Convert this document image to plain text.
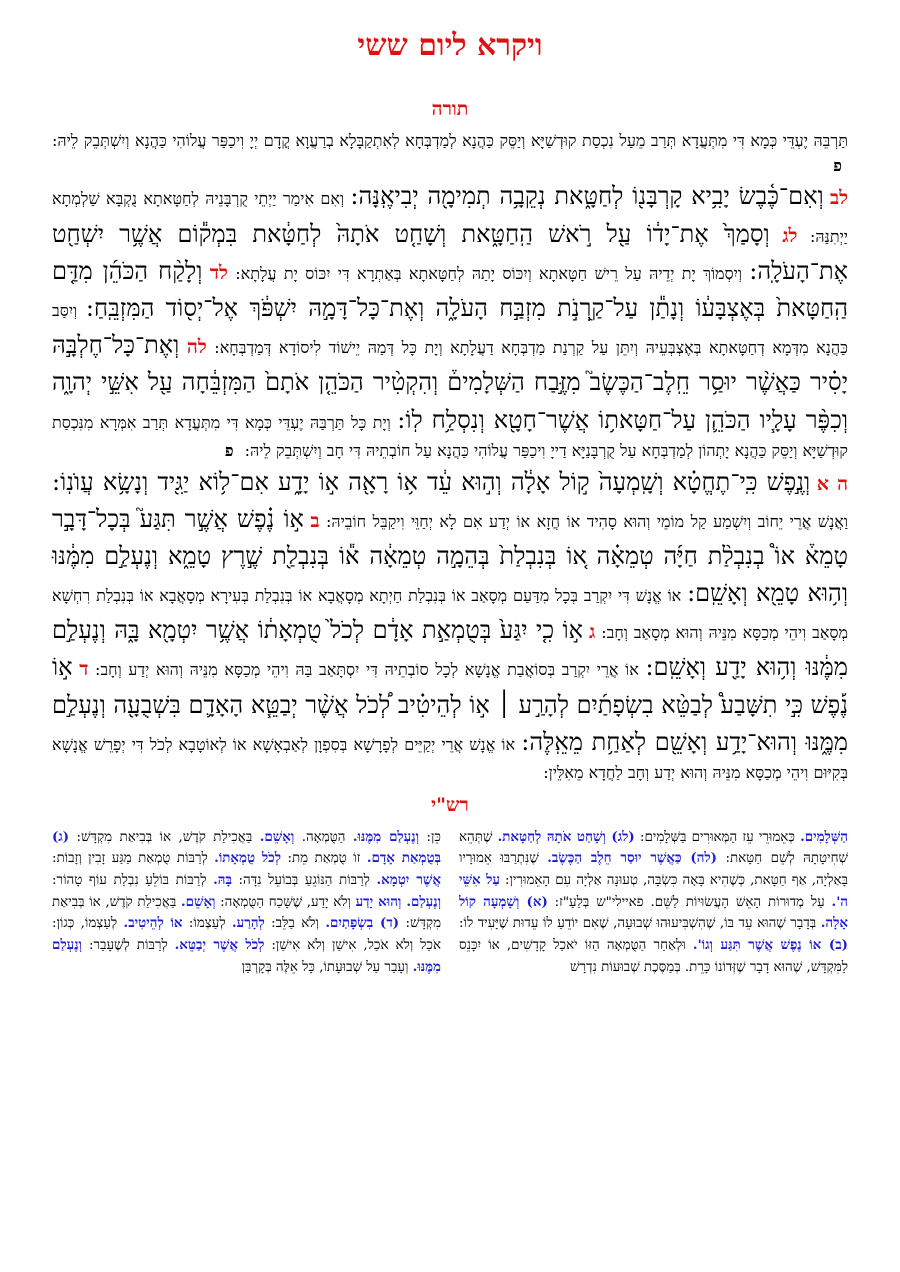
ויקרא ליום ששי
תורה

תַּרְבֵּהּ יֶעְדֵּי כְּמָא דִּי מִתְּעֲדָא תְּרַב מֵעַל נִכְסַת קוּדְשַׁיָּא וְיַסֵּק כַּהֲנָא לְמַדְבְּחָא לְאִתְקַבָּלָא בְרַעֲוָא קֳדָם יְיָ וִיכַפַּר עֲלוֹהִי כַּהֲנָא וְיִשְׁתְּבֵק לֵיהּ: פ

לב וְאִם־כֶּ֫בֶשׂ יָבִ֥יא קָרְבָּנ֖וֹ לְחַטָּ֑את נְקֵבָ֥ה תְמִימָ֖ה יְבִיאֶֽנָּה: וְאִם אִימַר יַיְתֵי קֻרְבָּנֵיהּ לְחַטָּאתָא נֻקְבָּא שַׁלְמְתָא יַיְתִנַּהּ: לג וְסָמַךְ֙ אֶת־יָד֔וֹ עַ֖ל רֹ֣אשׁ הַֽחַטָּ֑את וְשָׁחַ֤ט אֹתָהּ֙ לְחַטָּ֔את בִּמְק֕וֹם אֲשֶׁ֥ר יִשְׁחַ֖ט אֶת־הָעֹלָֽה: וְיִסְמוֹךְ יָת יְדֵיהּ עַל רֵישׁ חַטָּאתָא וְיִכּוֹס יָתַהּ לְחַטָּאתָא בְּאַתְרָא דִּי יִכּוֹס יָת עֲלָתָא: לד וְלָקַ֨ח הַכֹּהֵ֜ן מִדַּ֤ם הַֽחַטָּאת֙ בְּאֶצְבָּע֔וֹ וְנָתַ֕ן עַל־קַ֖רְנֹ֣ת מִזְבַּ֣ח הָעֹלָ֑ה וְאֶת־כָּל־דָּמָ֣הּ יִשְׁפֹּ֔ךְ אֶל־יְס֖וֹד הַמִּזְבֵּֽחַ: וְיִסַּב כַּהֲנָא מִדְּמָא דְחַטָּאתָא בְּאֶצְבְּעֵיהּ וְיִתֵּן עַל קַרְנַת מַדְבְּחָא דַעֲלָתָא וְיָת כָּל דְּמַהּ יֵישׁוֹד לִיסוֹדָא דְּמַדְבְּחָא: לה וְאֶת־כָּל־חֶלְבָּ֣הּ יָסִ֗יר כַּאֲשֶׁ֨ר יוּסַ֥ר חֵֽלֶב־הַכֶּשֶׂב֮ מִזֶּ֣בַח הַשְּׁלָמִים֒ וְהִקְטִ֨יר הַכֹּהֵ֤ן אֹתָם֙ הַמִּזְבֵּ֔חָה עַ֖ל אִשֵּׁ֣י יְהוָ֑ה וְכִפֶּ֨ר עָלָ֧יו הַכֹּהֵ֛ן עַל־חַטָּאת֥וֹ אֲשֶׁר־חָטָ֖א וְנִסְלַ֥ח לֽוֹ: וְיָת כָּל תַּרְבַּהּ יֶעְדֵּי כְּמָא דִּי מִתְּעֲדָא תְּרַב אִמְּרָא מִנִּכְסַת קוּדְשַׁיָּא וְיַסֵּק כַּהֲנָא יָתְהוֹן לְמַדְבְּחָא עַל קֻרְבָּנַיָּא דַייָ וִיכַפַּר עֲלוֹהִי כַּהֲנָא עַל חוֹבְתֵיהּ דִּי חָב וְיִשְׁתְּבֵק לֵיהּ: פ

ה א וְנֶ֣פֶשׁ כִּֽי־תֶחֱטָ֗א וְשָֽׁמְעָה֙ ק֣וֹל אָלָ֔ה וְה֣וּא עֵ֔ד א֥וֹ רָאָ֖ה א֣וֹ יָדָ֑ע אִם־ל֥וֹא יַגִּ֖יד וְנָשָׂ֥א עֲוֺנֽוֹ: וַאֲנָשׁ אֲרֵי יֵחוֹב וְיִשְׁמַע קַל מוֹמֵי וְהוּא סָהִיד אוֹ חֲזָא אוֹ יְדַע אִם לָא יְחַוֵּי וִיקַבֵּל חוֹבֵיהּ: ב א֣וֹ נֶ֗פֶשׁ אֲשֶׁ֣ר תִּגַּע֮ בְּכָל־דָּבָ֣ר טָמֵא֒ אוֹ֩ בְנִבְלַ֨ת חַיָּ֜ה טְמֵאָ֗ה א֚וֹ בְּנִבְלַת֙ בְּהֵמָ֣ה טְמֵאָ֔ה א֕וֹ בְּנִבְלַ֖ת שֶׁ֣רֶץ טָמֵ֑א וְנֶעְלַ֣ם מִמֶּ֔נּוּ וְה֥וּא טָמֵ֖א וְאָשֵֽׁם: אוֹ אֱנָשׁ דִּי יִקְרַב בְּכָל מִדַּעַם מְסָאַב אוֹ בְּנִבְלַת חַיְתָא מְסָאֲבָא אוֹ בְּנִבְלַת בְּעִירָא מְסָאֲבָא אוֹ בְּנִבְלַת רִחְשָׁא מְסָאַב וִיהֵי מְכַסָּא מִנֵּיהּ וְהוּא מְסָאַב וְחָב: ג א֣וֹ כִ֤י יִגַּע֙ בְּטֻמְאַ֣ת אָדָ֔ם לְכֹל֙ טֻמְאָת֔וֹ אֲשֶׁ֥ר יִטְמָ֖א בָּ֑הּ וְנֶעְלַ֣ם מִמֶּ֔נּוּ וְה֥וּא יָדַ֖ע וְאָשֵֽׁם: אוֹ אֲרֵי יִקְרַב בְּסוֹאֲבַת אֱנָשָׁא לְכָל סוֹבְתֵיהּ דִּי יִסְתָּאַב בַּהּ וִיהֵי מְכַסָּא מִנֵּיהּ וְהוּא יְדַע וְחָב: ד א֣וֹ נֶ֡פֶשׁ כִּ֣י תִשָּׁבַע֩ לְבַטֵּ֨א בִשְׂפָתַ֜יִם לְהָרַ֣ע ׀ א֣וֹ לְהֵיטִ֗יב לְ֠כֹל אֲשֶׁ֨ר יְבַטֵּ֧א הָאָדָ֛ם בִּשְׁבֻעָ֖ה וְנֶעְלַ֣ם מִמֶּ֑נּוּ וְהוּא־יָדַ֥ע וְאָשֵׁ֖ם לְאַחַ֥ת מֵאֵֽלֶּה: אוֹ אֱנָשׁ אֲרֵי יְקַיֵּים לְפָרָשָׁא בְּסִפְוָן לְאַבְאָשָׁא אוֹ לְאוֹטָבָא לְכֹל דִּי יְפָרֵשׁ אֱנָשָׁא בְּקִיּוּם וִיהֵי מְכַסָּא מִנֵּיהּ וְהוּא יְדַע וְחָב לַחֲדָא מֵאִלֵּין:

רש"י
הַשְּׁלָמִים. כְּאֵמוּרֵי עֵז הַמְּאוּרִים בַּשְּׁלָמִים: (לג) וְשָׁחַט אֹתָהּ לְחַטָּאת. שֶׁתְּהֵא שְׁחִיטָתָהּ לְשֵׁם חַטָּאת: (לה) כַּאֲשֶׁר יוּסַר חֵלֶב הַכֶּשֶׂב. שֶׁנִּתְרַבּוּ אֵמוּרָיו בָּאַלְיָה, אַף חַטָּאת, כְּשֶׁהִיא בָּאָה כִּשְׂבָּה, טְעוּנָה אַלְיָה עִם הָאֵמוּרִין: עַל אִשֵּׁי ה'. עַל מְדוּרוֹת הָאֵשׁ הָעֲשׂוּיוֹת לַשֵּׁם. פאיילי"ש בְּלַעַ"ז: (א) וְשָׁמְעָה קוֹל אָלָה. בְּדָבָר שֶׁהוּא עֵד בּוֹ, שֶׁהִשְׁבִּיעוּהוּ שְׁבוּעָה, שֶׁאִם יוֹדֵעַ לוֹ עֵדוּת שֶׁיָּעִיד לוֹ: (ב) אוֹ נֶפֶשׁ אֲשֶׁר תִּגַּע וְגוֹ'. וּלְאַחַר הַטֻּמְאָה הַזּוֹ יֹאכַל קָדָשִׁים, אוֹ יִכָּנֵס לַמִּקְדָּשׁ, שֶׁהוּא דָבָר שֶׁזְּדוֹנוֹ כָּרֵת. בְּמַסֶּכֶת שְׁבוּעוֹת נִדְרָשׁ
כֵּן: וְנֶעְלַם מִמֶּנּוּ. הַטֻּמְאָה. וְאָשֵׁם. בַּאֲכִילַת קֹדֶשׁ, אוֹ בְּבִיאַת מִקְדָּשׁ: (ג) בְּטֻמְאַת אָדָם. זוֹ טֻמְאַת מֵת: לְכֹל טֻמְאָתוֹ. לְרַבּוֹת טֻמְאַת מַגַּע זָבִין וְזָבוֹת: אֲשֶׁר יִטְמָא. לְרַבּוֹת הַנּוֹגֵעַ בְּבוֹעֵל נִדָּה: בָּהּ. לְרַבּוֹת בּוֹלֵעַ נִבְלַת עוֹף טָהוֹר: וְנֶעְלַם. וְהוּא יָדַע וְלֹא יָדַע, שֶׁשָּׁכַח הַטֻּמְאָה: וְאָשֵׁם. בַּאֲכִילַת קֹדֶשׁ, אוֹ בְּבִיאַת מִקְדָּשׁ: (ד) בִשְׂפָתַיִם. וְלֹא בַלֵּב: לְהָרַע. לְעַצְמוֹ: אוֹ לְהֵיטִיב. לְעַצְמוֹ, כְּגוֹן: אֹכַל וְלֹא אֹכַל, אִישַׁן וְלֹא אִישַׁן: לְכֹל אֲשֶׁר יְבַטֵּא. לְרַבּוֹת לְשֶׁעָבַר: וְנֶעְלַם מִמֶּנּוּ. וְעָבַר עַל שְׁבוּעָתוֹ, כָּל אֵלֶּה בְּקָרְבַּן
